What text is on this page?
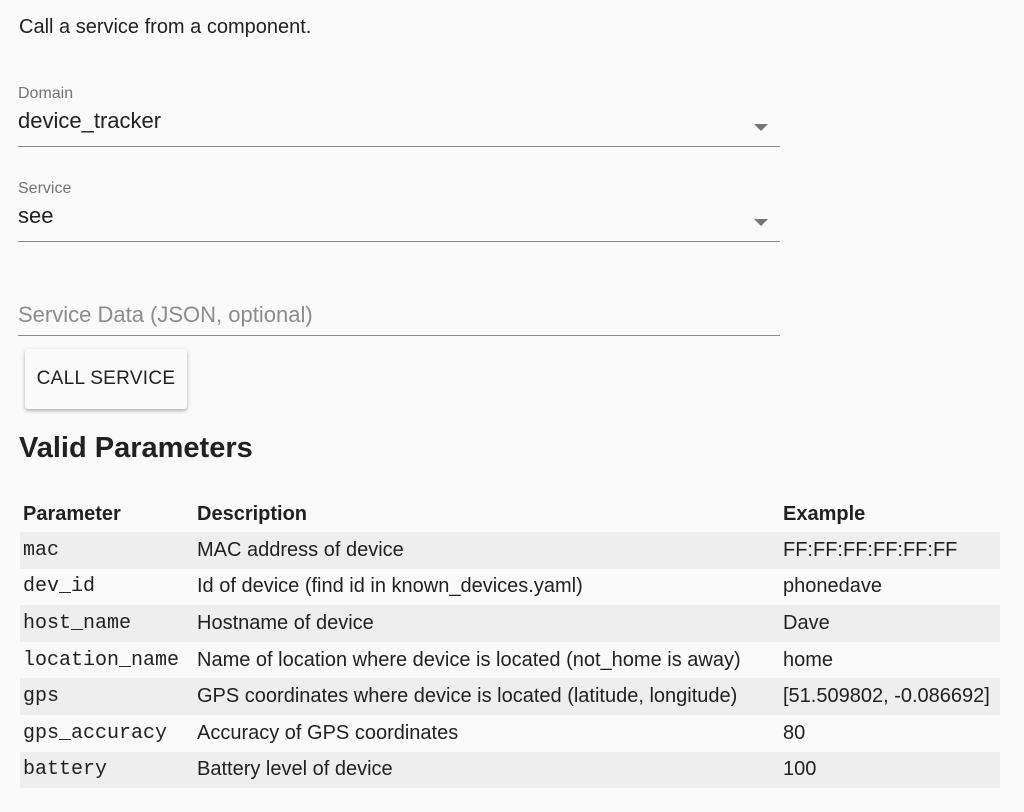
Call a service from a component.
Domain
device_tracker
Service
see
Service Data (JSON, optional)
CALL SERVICE
Valid Parameters
Parameter	Description	Example
mac	MAC address of device	FF:FF:FF:FF:FF:FF
dev_id	Id of device (find id in known_devices.yaml)	phonedave
host_name	Hostname of device	Dave
location_name	Name of location where device is located (not_home is away)	home
gps	GPS coordinates where device is located (latitude, longitude)	[51.509802, -0.086692]
gps_accuracy	Accuracy of GPS coordinates	80
battery	Battery level of device	100
